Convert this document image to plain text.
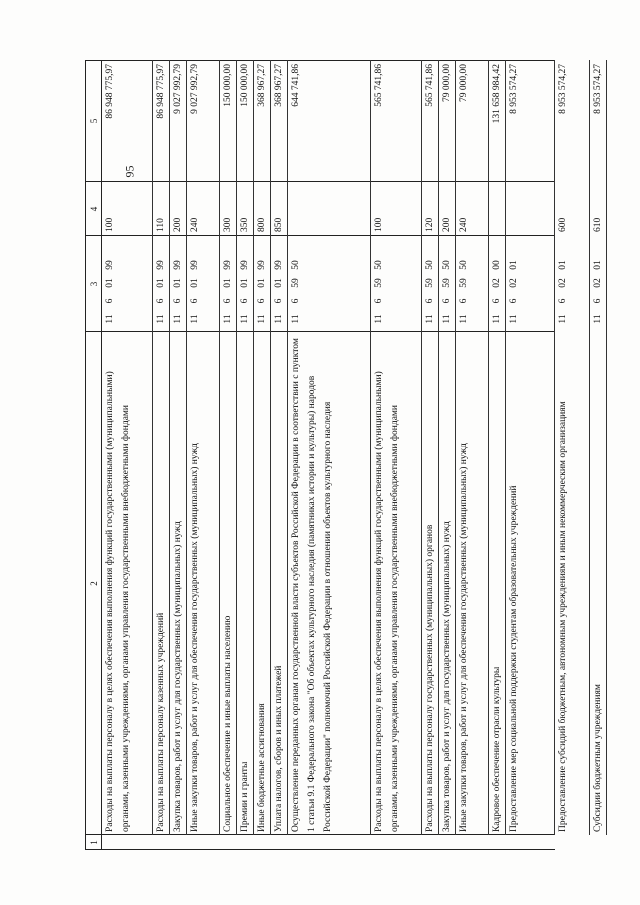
95
1
2
3
4
5
Расходы на выплаты персоналу в целях обеспечения выполнения функций государственными (муниципальными) органами, казенными учреждениями, органами управления государственными внебюджетными фондами
11
6
01
99
100
86 948 775,97
Расходы на выплаты персоналу казенных учреждений
11
6
01
99
110
86 948 775,97
Закупка товаров, работ и услуг для государственных (муниципальных) нужд
11
6
01
99
200
9 027 992,79
Иные закупки товаров, работ и услуг для обеспечения государственных (муниципальных) нужд
11
6
01
99
240
9 027 992,79
Социальное обеспечение и иные выплаты населению
11
6
01
99
300
150 000,00
Премии и гранты
11
6
01
99
350
150 000,00
Иные бюджетные ассигнования
11
6
01
99
800
368 967,27
Уплата налогов, сборов и иных платежей
11
6
01
99
850
368 967,27
Осуществление переданных органам государственной власти субъектов Российской Федерации в соответствии с пунктом 1 статьи 9.1 Федерального закона "Об объектах культурного наследия (памятниках истории и культуры) народов Российской Федерации" полномочий Российской Федерации в отношении объектов культурного наследия
11
6
59
50
644 741,86
Расходы на выплаты персоналу в целях обеспечения выполнения функций государственными (муниципальными) органами, казенными учреждениями, органами управления государственными внебюджетными фондами
11
6
59
50
100
565 741,86
Расходы на выплаты персоналу государственных (муниципальных) органов
11
6
59
50
120
565 741,86
Закупка товаров, работ и услуг для государственных (муниципальных) нужд
11
6
59
50
200
79 000,00
Иные закупки товаров, работ и услуг для обеспечения государственных (муниципальных) нужд
11
6
59
50
240
79 000,00
Кадровое обеспечение отрасли культуры
11
6
02
00
131 658 984,42
Предоставление мер социальной поддержки студентам образовательных учреждений
11
6
02
01
8 953 574,27
Предоставление субсидий бюджетным, автономным учреждениям и иным некоммерческим организациям
11
6
02
01
600
8 953 574,27
Субсидии бюджетным учреждениям
11
6
02
01
610
8 953 574,27
